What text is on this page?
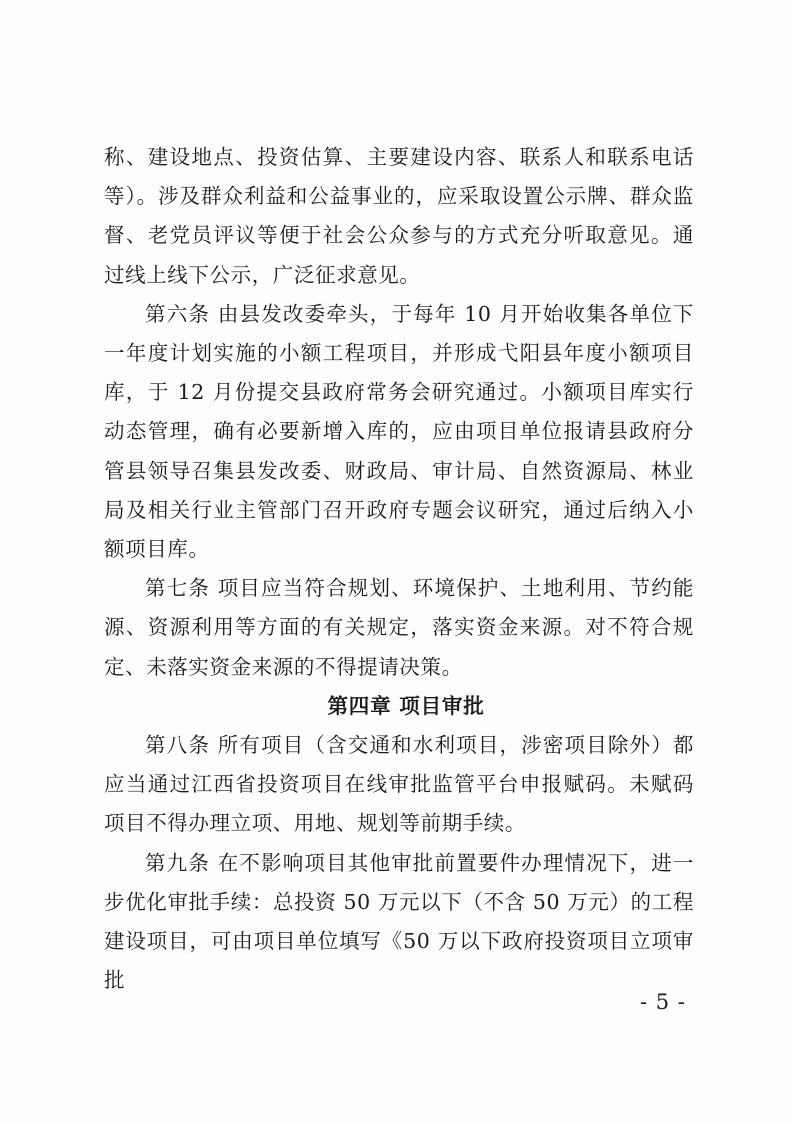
称、建设地点、投资估算、主要建设内容、联系人和联系电话等）。涉及群众利益和公益事业的，应采取设置公示牌、群众监督、老党员评议等便于社会公众参与的方式充分听取意见。通过线上线下公示，广泛征求意见。

第六条 由县发改委牵头，于每年 10 月开始收集各单位下一年度计划实施的小额工程项目，并形成弋阳县年度小额项目库，于 12 月份提交县政府常务会研究通过。小额项目库实行动态管理，确有必要新增入库的，应由项目单位报请县政府分管县领导召集县发改委、财政局、审计局、自然资源局、林业局及相关行业主管部门召开政府专题会议研究，通过后纳入小额项目库。

第七条 项目应当符合规划、环境保护、土地利用、节约能源、资源利用等方面的有关规定，落实资金来源。对不符合规定、未落实资金来源的不得提请决策。

第四章 项目审批

第八条 所有项目（含交通和水利项目，涉密项目除外）都应当通过江西省投资项目在线审批监管平台申报赋码。未赋码项目不得办理立项、用地、规划等前期手续。

第九条 在不影响项目其他审批前置要件办理情况下，进一步优化审批手续：总投资 50 万元以下（不含 50 万元）的工程建设项目，可由项目单位填写《50 万以下政府投资项目立项审批

- 5 -
